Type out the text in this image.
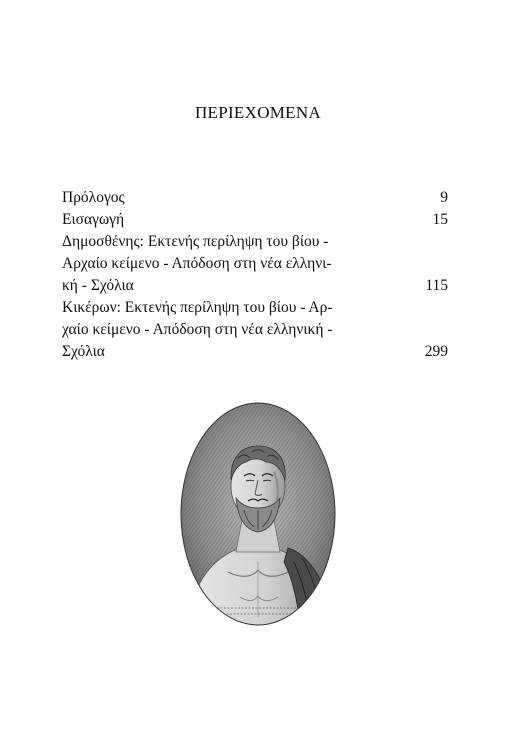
ΠΕΡΙΕΧΟΜΕΝΑ
Πρόλογος	9
Εισαγωγή	15
Δημοσθένης: Εκτενής περίληψη του βίου -
Αρχαίο κείμενο - Απόδοση στη νέα ελληνι-
κή - Σχόλια	115
Κικέρων: Εκτενής περίληψη του βίου - Αρ-
χαίο κείμενο - Απόδοση στη νέα ελληνική -
Σχόλια	299
